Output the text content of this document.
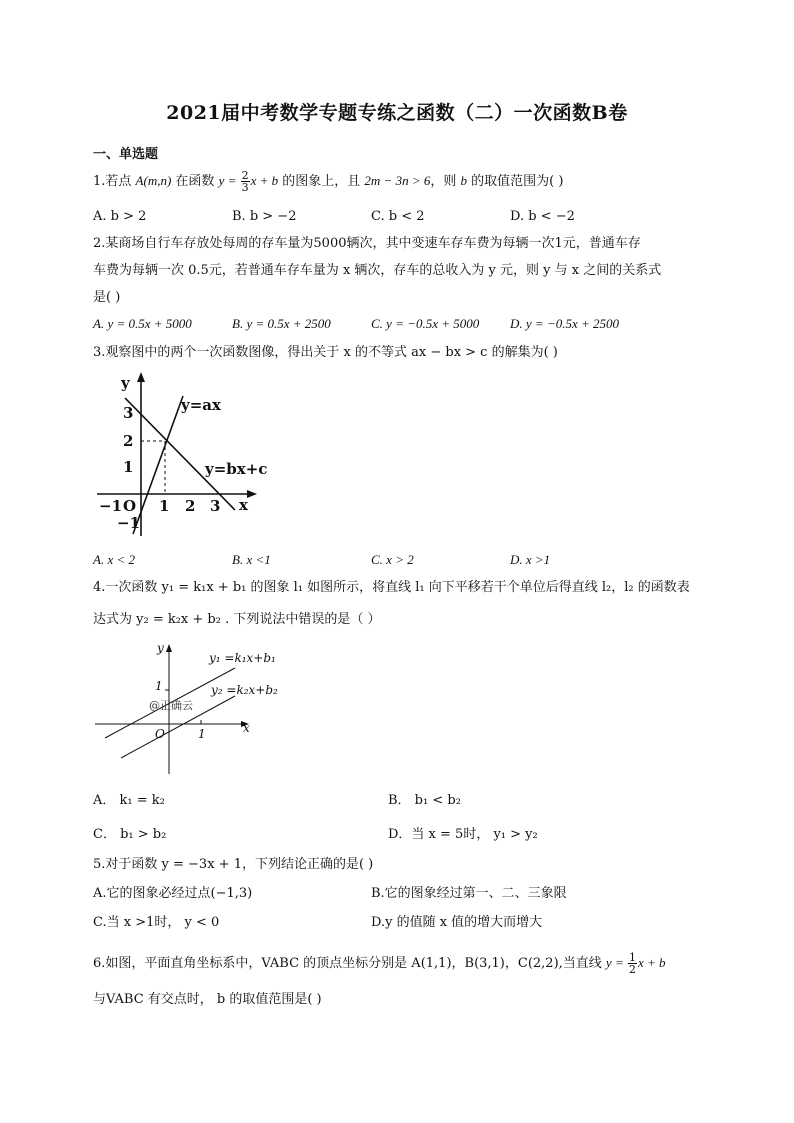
2021届中考数学专题专练之函数（二）一次函数B卷
一、单选题
1.若点 A(m,n) 在函数 $y = \frac{2}{3}$ x + b 的图象上，且 2m − 3n > 6，则 b 的取值范围为( )
A. b > 2	B. b > −2	C. b < 2	D. b < −2
2.某商场自行车存放处每周的存车量为5000辆次，其中变速车存车费为每辆一次1元，普通车存
车费为每辆一次 0.5元，若普通车存车量为 x 辆次，存车的总收入为 y 元，则 y 与 x 之间的关系式
是( )
A. y = 0.5x + 5000	B. y = 0.5x + 2500	C. y = −0.5x + 5000 D. y = −0.5x + 2500
3.观察图中的两个一次函数图像，得出关于 x 的不等式 ax − bx > c 的解集为( )
y
y=ax
y=bx+c
3
2
1
−1 O 1 2 3 x
−1
A. x < 2	B. x <1	C. x > 2	D. x >1
4.一次函数 y₁ = k₁x + b₁ 的图象 l₁ 如图所示，将直线 l₁ 向下平移若干个单位后得直线 l₂，l₂ 的函数表
达式为 y₂ = k₂x + b₂ . 下列说法中错误的是（ ）
y
y₁ =k₁x+b₁
y₂ =k₂x+b₂
1
O	1	x
@正确云
A． k₁ = k₂	B． b₁ < b₂
C． b₁ > b₂	D．当 x = 5时， y₁ > y₂
5.对于函数 y = −3x + 1，下列结论正确的是( )
A.它的图象必经过点(−1,3)	B.它的图象经过第一、二、三象限
C.当 x >1时， y < 0	D.y 的值随 x 值的增大而增大
6.如图，平面直角坐标系中，VABC 的顶点坐标分别是 A(1,1)，B(3,1)，C(2,2),当直线 $y = \frac{1}{2}$ x + b
与VABC 有交点时， b 的取值范围是( )
